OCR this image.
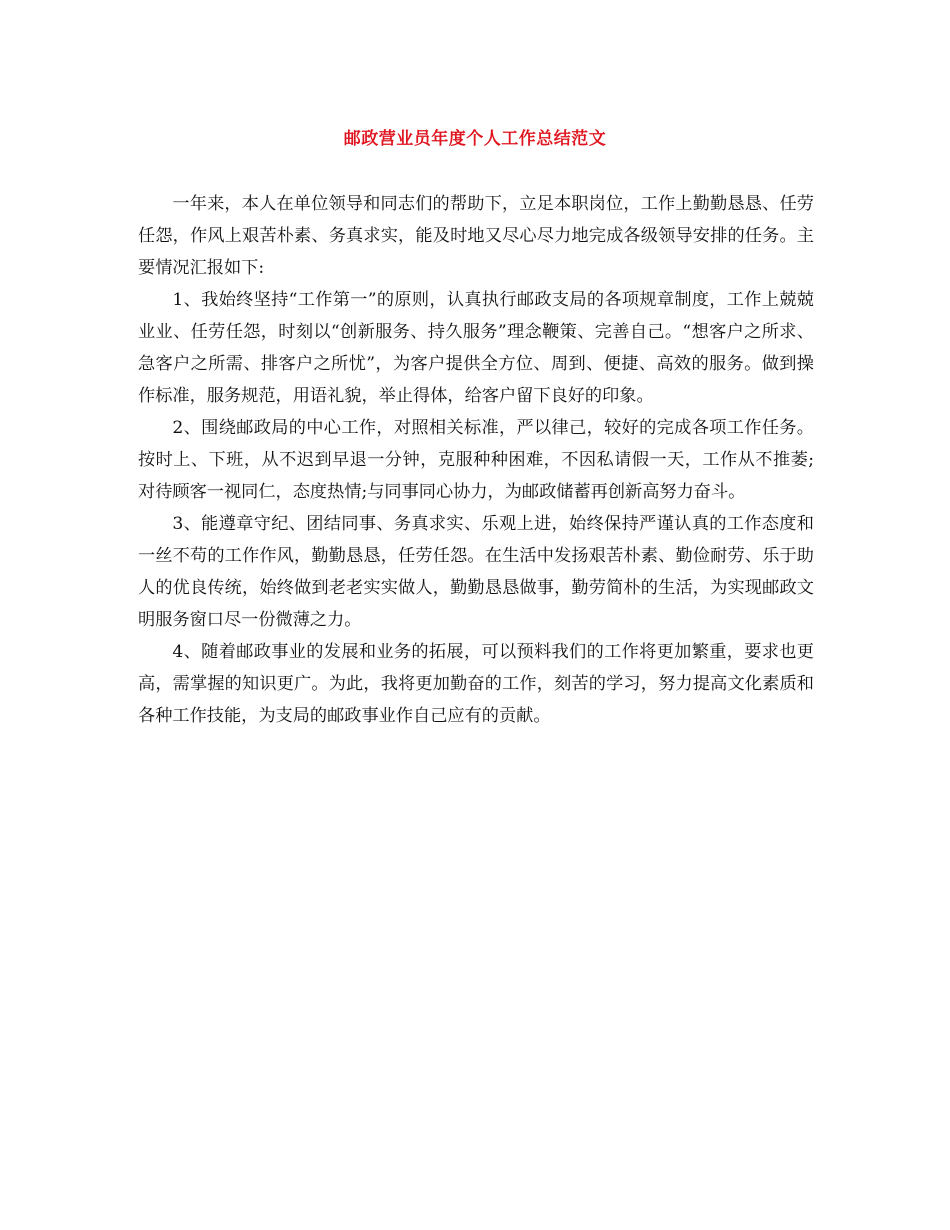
邮政营业员年度个人工作总结范文

一年来，本人在单位领导和同志们的帮助下，立足本职岗位，工作上勤勤恳恳、任劳任怨，作风上艰苦朴素、务真求实，能及时地又尽心尽力地完成各级领导安排的任务。主要情况汇报如下:

1、我始终坚持“工作第一”的原则，认真执行邮政支局的各项规章制度，工作上兢兢业业、任劳任怨，时刻以“创新服务、持久服务”理念鞭策、完善自己。“想客户之所求、急客户之所需、排客户之所忧”，为客户提供全方位、周到、便捷、高效的服务。做到操作标准，服务规范，用语礼貌，举止得体，给客户留下良好的印象。

2、围绕邮政局的中心工作，对照相关标准，严以律己，较好的完成各项工作任务。按时上、下班，从不迟到早退一分钟，克服种种困难，不因私请假一天，工作从不推萎;对待顾客一视同仁，态度热情;与同事同心协力，为邮政储蓄再创新高努力奋斗。

3、能遵章守纪、团结同事、务真求实、乐观上进，始终保持严谨认真的工作态度和一丝不苟的工作作风，勤勤恳恳，任劳任怨。在生活中发扬艰苦朴素、勤俭耐劳、乐于助人的优良传统，始终做到老老实实做人，勤勤恳恳做事，勤劳简朴的生活，为实现邮政文明服务窗口尽一份微薄之力。

4、随着邮政事业的发展和业务的拓展，可以预料我们的工作将更加繁重，要求也更高，需掌握的知识更广。为此，我将更加勤奋的工作，刻苦的学习，努力提高文化素质和各种工作技能，为支局的邮政事业作自己应有的贡献。
